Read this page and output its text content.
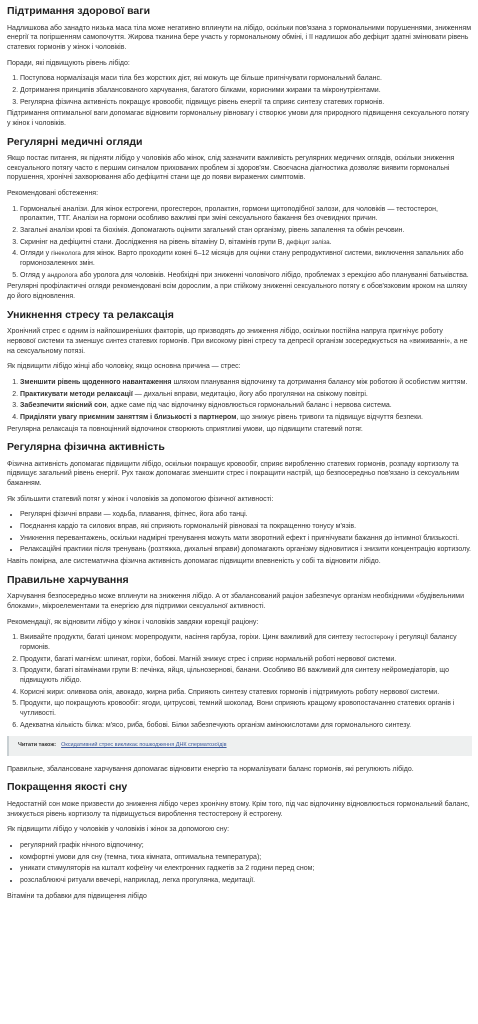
Підтримання здорової ваги

Надлишкова або занадто низька маса тіла може негативно вплинути на лібідо, оскільки пов'язана з гормональними порушеннями, зниженням енергії та погіршенням самопочуття. Жирова тканина бере участь у гормональному обміні, і її надлишок або дефіцит здатні змінювати рівень статевих гормонів у жінок і чоловіків.

Поради, які підвищують рівень лібідо:

1. Поступова нормалізація маси тіла без жорстких дієт, які можуть ще більше пригнічувати гормональний баланс.
2. Дотримання принципів збалансованого харчування, багатого білками, корисними жирами та мікронутрієнтами.
3. Регулярна фізична активність покращує кровообіг, підвищує рівень енергії та сприяє синтезу статевих гормонів.

Підтримання оптимальної ваги допомагає відновити гормональну рівновагу і створює умови для природного підвищення сексуального потягу у жінок і чоловіків.

Регулярні медичні огляди

Якщо постає питання, як підняти лібідо у чоловіків або жінок, слід зазначити важливість регулярних медичних оглядів, оскільки зниження сексуального потягу часто є першим сигналом прихованих проблем зі здоров'ям. Своєчасна діагностика дозволяє виявити гормональні порушення, хронічні захворювання або дефіцитні стани ще до появи виражених симптомів.

Рекомендовані обстеження:

1. Гормональні аналізи. Для жінок естрогени, прогестерон, пролактин, гормони щитоподібної залози, для чоловіків — тестостерон, пролактин, ТТГ. Аналізи на гормони особливо важливі при зміні сексуального бажання без очевидних причин.
2. Загальні аналізи крові та біохімія. Допомагають оцінити загальний стан організму, рівень запалення та обмін речовин.
3. Скринінг на дефіцитні стани. Дослідження на рівень вітаміну D, вітамінів групи B, дефіцит заліза.
4. Огляди у гінеколога для жінок. Варто проходити кожні 6–12 місяців для оцінки стану репродуктивної системи, виключення запальних або гормонозалежних змін.
5. Огляд у андролога або уролога для чоловіків. Необхідні при зниженні чоловічого лібідо, проблемах з ерекцією або плануванні батьківства.

Регулярні профілактичні огляди рекомендовані всім дорослим, а при стійкому зниженні сексуального потягу є обов'язковим кроком на шляху до його відновлення.

Уникнення стресу та релаксація

Хронічний стрес є одним із найпоширеніших факторів, що призводять до зниження лібідо, оскільки постійна напруга пригнічує роботу нервової системи та зменшує синтез статевих гормонів. При високому рівні стресу та депресії організм зосереджується на «виживанні», а не на сексуальному потязі.

Як підвищити лібідо жінці або чоловіку, якщо основна причина — стрес:

1. Зменшити рівень щоденного навантаження шляхом планування відпочинку та дотримання балансу між роботою й особистим життям.
2. Практикувати методи релаксації — дихальні вправи, медитацію, йогу або прогулянки на свіжому повітрі.
3. Забезпечити якісний сон, адже саме під час відпочинку відновлюється гормональний баланс і нервова система.
4. Приділяти увагу приємним заняттям і близькості з партнером, що знижує рівень тривоги та підвищує відчуття безпеки.

Регулярна релаксація та повноцінний відпочинок створюють сприятливі умови, що підвищити статевий потяг.

Регулярна фізична активність

Фізична активність допомагає підвищити лібідо, оскільки покращує кровообіг, сприяє виробленню статевих гормонів, розпаду кортизолу та підвищує загальний рівень енергії. Рух також допомагає зменшити стрес і покращити настрій, що безпосередньо пов'язано із сексуальним бажанням.

Як збільшити статевий потяг у жінок і чоловіків за допомогою фізичної активності:

• Регулярні фізичні вправи — ходьба, плавання, фітнес, йога або танці.
• Поєднання кардіо та силових вправ, які сприяють гормональній рівновазі та покращенню тонусу м'язів.
• Уникнення перевантажень, оскільки надмірні тренування можуть мати зворотний ефект і пригнічувати бажання до інтимної близькості.
• Релаксаційні практики після тренувань (розтяжка, дихальні вправи) допомагають організму відновитися і знизити концентрацію кортизолу.

Навіть помірна, але систематична фізична активність допомагає підвищити впевненість у собі та відновити лібідо.

Правильне харчування

Харчування безпосередньо може вплинути на зниження лібідо. А от збалансований раціон забезпечує організм необхідними «будівельними блоками», мікроелементами та енергією для підтримки сексуальної активності.

Рекомендації, як відновити лібідо у жінок і чоловіків завдяки корекції раціону:

1. Вживайте продукти, багаті цинком: морепродукти, насіння гарбуза, горіхи. Цинк важливий для синтезу тестостерону і регуляції балансу гормонів.
2. Продукти, багаті магнієм: шпинат, горіхи, бобові. Магній знижує стрес і сприяє нормальній роботі нервової системи.
3. Продукти, багаті вітамінами групи B: печінка, яйця, цільнозернові, банани. Особливо B6 важливий для синтезу нейромедіаторів, що підвищують лібідо.
4. Корисні жири: оливкова олія, авокадо, жирна риба. Сприяють синтезу статевих гормонів і підтримують роботу нервової системи.
5. Продукти, що покращують кровообіг: ягоди, цитрусові, темний шоколад. Вони сприяють кращому кровопостачанню статевих органів і чутливості.
6. Адекватна кількість білка: м'ясо, риба, бобові. Білки забезпечують організм амінокислотами для гормонального синтезу.
Читати також: Оксидативний стрес викликає пошкодження ДНК сперматозоїдів

Правильне, збалансоване харчування допомагає відновити енергію та нормалізувати баланс гормонів, які регулюють лібідо.

Покращення якості сну

Недостатній сон може призвести до зниження лібідо через хронічну втому. Крім того, під час відпочинку відновлюється гормональний баланс, знижується рівень кортизолу та підвищується вироблення тестостерону й естрогену.

Як підвищити лібідо у чоловіків у чоловіків і жінок за допомогою сну:

• регулярний графік нічного відпочинку;
• комфортні умови для сну (темна, тиха кімната, оптимальна температура);
• уникати стимуляторів на кшталт кофеїну чи електронних гаджетів за 2 години перед сном;
• розслаблюючі ритуали ввечері, наприклад, легка прогулянка, медитації.

Вітаміни та добавки для підвищення лібідо
